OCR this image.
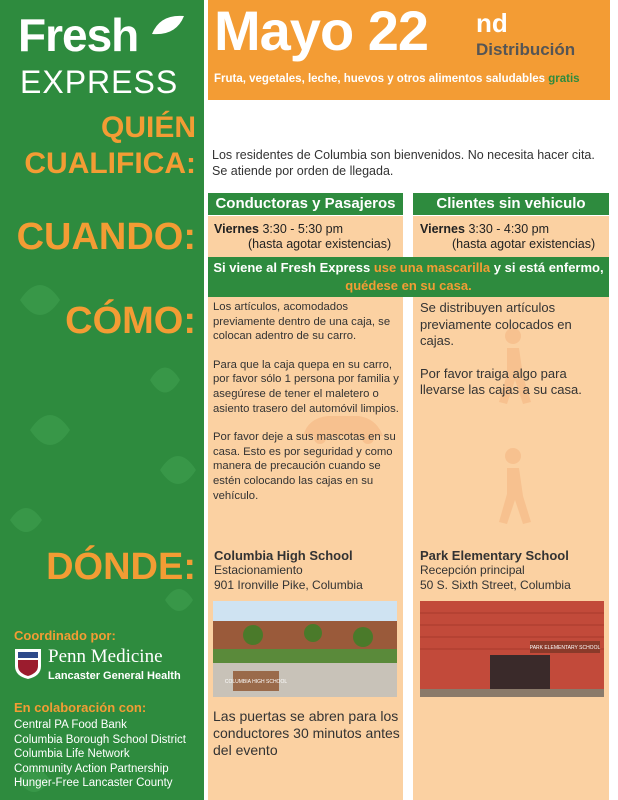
Fresh
EXPRESS
QUIÉN
CUALIFICA:
CUANDO:
CÓMO:
DÓNDE:
Coordinado por:
Penn Medicine
Lancaster General Health
En colaboración con:
Central PA Food Bank
Columbia Borough School District
Columbia Life Network
Community Action Partnership
Hunger-Free Lancaster County
Mayo 22 nd
Distribución
Fruta, vegetales, leche, huevos y otros alimentos saludables gratis
Los residentes de Columbia son bienvenidos. No necesita hacer cita. Se atiende por orden de llegada.
Conductoras y Pasajeros	Clientes sin vehiculo
Viernes 3:30 - 5:30 pm
(hasta agotar existencias)
Viernes 3:30 - 4:30 pm
(hasta agotar existencias)
Si viene al Fresh Express use una mascarilla y si está enfermo, quédese en su casa.

Los artículos, acomodados previamente dentro de una caja, se colocan adentro de su carro.

Para que la caja quepa en su carro, por favor sólo 1 persona por familia y asegúrese de tener el maletero o asiento trasero del automóvil limpios.

Por favor deje a sus mascotas en su casa. Esto es por seguridad y como manera de precaución cuando se estén colocando las cajas en su vehículo.

Se distribuyen artículos previamente colocados en cajas.

Por favor traiga algo para llevarse las cajas a su casa.

Columbia High School
Estacionamiento
901 Ironville Pike, Columbia
Park Elementary School
Recepción principal
50 S. Sixth Street, Columbia
COLUMBIA HIGH SCHOOL
PARK ELEMENTARY SCHOOL
Las puertas se abren para los conductores 30 minutos antes del evento
